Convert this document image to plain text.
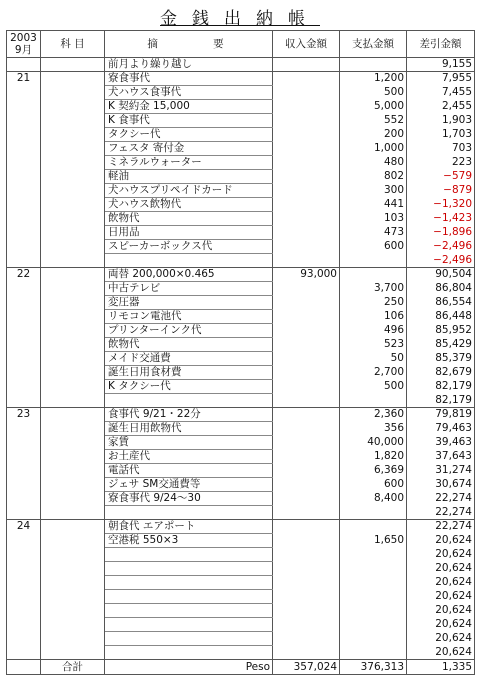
金銭出納帳
2003
9月	科 目	摘 要	収入金額	支払金額	差引金額
		前月より繰り越し			9,155
21		寮食事代		1,200	7,955
		犬ハウス食事代		500	7,455
		K 契約金 15,000		5,000	2,455
		K 食事代		552	1,903
		タクシー代		200	1,703
		フェスタ 寄付金		1,000	703
		ミネラルウォーター		480	223
		軽油		802	−579
		犬ハウスプリペイドカード		300	−879
		犬ハウス飲物代		441	−1,320
		飲物代		103	−1,423
		日用品		473	−1,896
		スピーカーボックス代		600	−2,496
					−2,496
22		両替 200,000×0.465	93,000		90,504
		中古テレビ		3,700	86,804
		変圧器		250	86,554
		リモコン電池代		106	86,448
		プリンターインク代		496	85,952
		飲物代		523	85,429
		メイド交通費		50	85,379
		誕生日用食材費		2,700	82,679
		K タクシー代		500	82,179
					82,179
23		食事代 9/21・22分		2,360	79,819
		誕生日用飲物代		356	79,463
		家賃		40,000	39,463
		お土産代		1,820	37,643
		電話代		6,369	31,274
		ジェサ SM交通費等		600	30,674
		寮食事代 9/24～30		8,400	22,274
					22,274
24		朝食代 エアポート			22,274
		空港税 550×3		1,650	20,624
					20,624
					20,624
					20,624
					20,624
					20,624
					20,624
					20,624
					20,624
	合計	Peso	357,024	376,313	1,335
